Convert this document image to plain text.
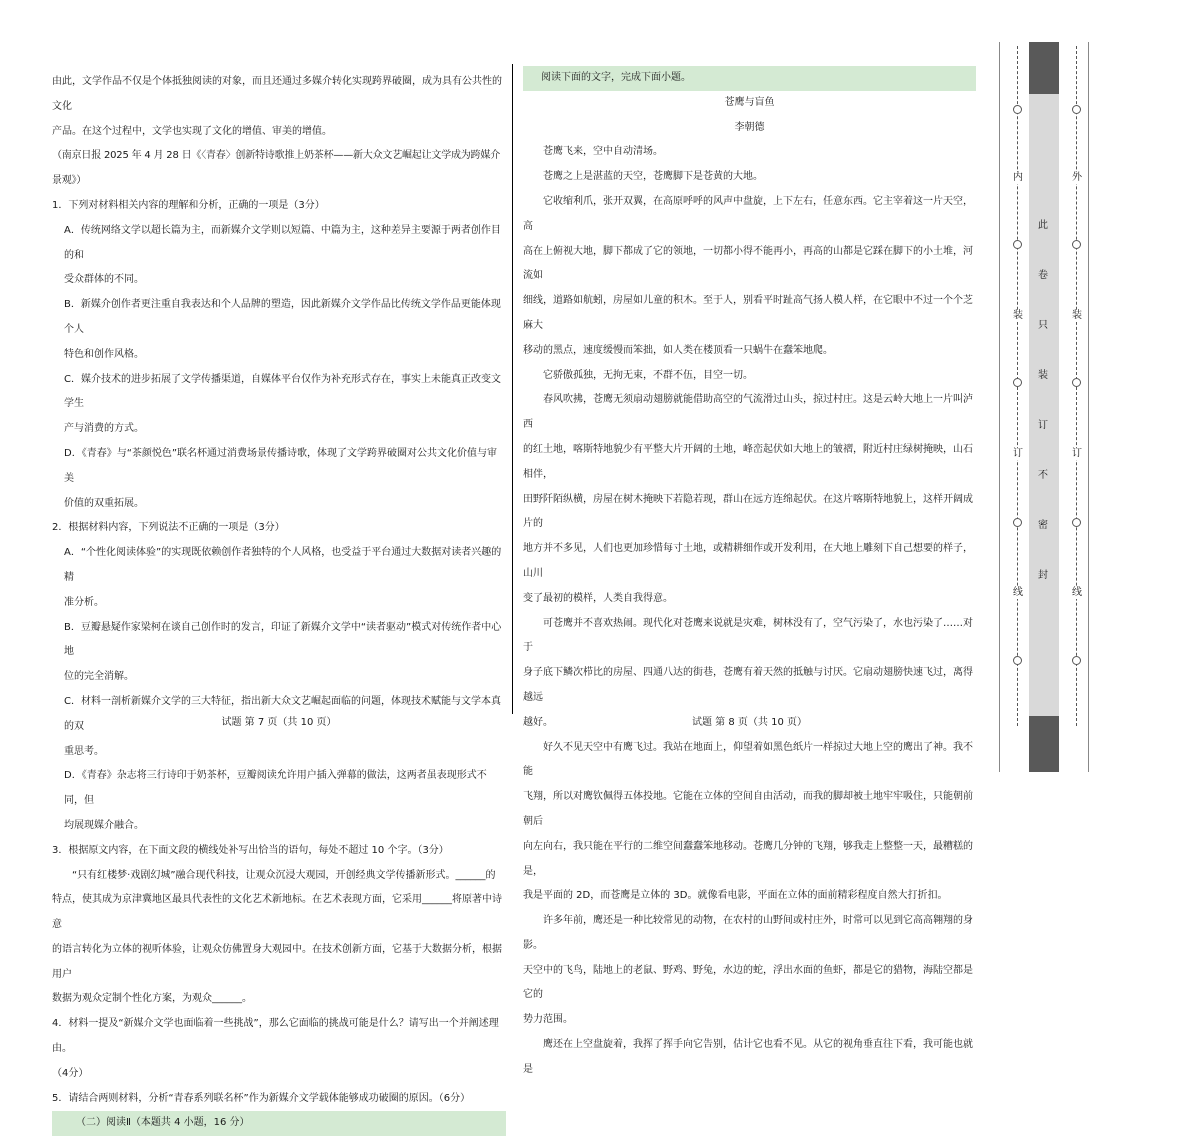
由此，文学作品不仅是个体抵独阅读的对象，而且还通过多媒介转化实现跨界破圈，成为具有公共性的文化
产品。在这个过程中，文学也实现了文化的增值、审美的增值。
（南京日报 2025 年 4 月 28 日《〈青春〉创新特诗歌推上奶茶杯——新大众文艺崛起让文学成为跨媒介景观》）
1．下列对材料相关内容的理解和分析，正确的一项是（3分）
A．传统网络文学以超长篇为主，而新媒介文学则以短篇、中篇为主，这种差异主要源于两者创作目的和
受众群体的不同。
B．新媒介创作者更注重自我表达和个人品牌的塑造，因此新媒介文学作品比传统文学作品更能体现个人
特色和创作风格。
C．媒介技术的进步拓展了文学传播渠道，自媒体平台仅作为补充形式存在，事实上未能真正改变文学生
产与消费的方式。
D．《青春》与“茶颜悦色”联名杯通过消费场景传播诗歌，体现了文学跨界破圈对公共文化价值与审美
价值的双重拓展。
2．根据材料内容，下列说法不正确的一项是（3分）
A．“个性化阅读体验”的实现既依赖创作者独特的个人风格，也受益于平台通过大数据对读者兴趣的精
准分析。
B．豆瓣悬疑作家梁柯在谈自己创作时的发言，印证了新媒介文学中“读者驱动”模式对传统作者中心地
位的完全消解。
C．材料一剖析新媒介文学的三大特征，指出新大众文艺崛起面临的问题，体现技术赋能与文学本真的双
重思考。
D．《青春》杂志将三行诗印于奶茶杯，豆瓣阅读允许用户插入弹幕的做法，这两者虽表现形式不同，但
均展现媒介融合。
3．根据原文内容，在下面文段的横线处补写出恰当的语句，每处不超过 10 个字。（3分）
“只有红楼梦·戏剧幻城”融合现代科技，让观众沉浸大观园，开创经典文学传播新形式。______的
特点，使其成为京津冀地区最具代表性的文化艺术新地标。在艺术表现方面，它采用______将原著中诗意
的语言转化为立体的视听体验，让观众仿佛置身大观园中。在技术创新方面，它基于大数据分析，根据用户
数据为观众定制个性化方案，为观众______。
4．材料一提及“新媒介文学也面临着一些挑战”，那么它面临的挑战可能是什么？请写出一个并阐述理由。
（4分）
5．请结合两则材料，分析“青春系列联名杯”作为新媒介文学载体能够成功破圈的原因。（6分）
（二）阅读Ⅱ（本题共 4 小题，16 分）
阅读下面的文字，完成下面小题。
苍鹰与盲鱼
李朝德
苍鹰飞来，空中自动清场。
苍鹰之上是湛蓝的天空，苍鹰脚下是苍黄的大地。
它收缩利爪，张开双翼，在高原呼呼的风声中盘旋，上下左右，任意东西。它主宰着这一片天空，高
高在上俯视大地，脚下都成了它的领地，一切都小得不能再小，再高的山都是它踩在脚下的小土堆，河流如
细线，道路如航蚓，房屋如儿童的积木。至于人，别看平时趾高气扬人模人样，在它眼中不过一个个芝麻大
移动的黑点，速度缓慢而笨拙，如人类在楼顶看一只蜗牛在蠢笨地爬。
它骄傲孤独，无拘无束，不群不伍，目空一切。
春风吹拂，苍鹰无须扇动翅膀就能借助高空的气流滑过山头，掠过村庄。这是云岭大地上一片叫泸西
的红土地，喀斯特地貌少有平整大片开阔的土地，峰峦起伏如大地上的皱褶，附近村庄绿树掩映，山石相伴，
田野阡陌纵横，房屋在树木掩映下若隐若现，群山在远方连绵起伏。在这片喀斯特地貌上，这样开阔成片的
地方并不多见，人们也更加珍惜每寸土地，或精耕细作或开发利用，在大地上雕刻下自己想要的样子，山川
变了最初的模样，人类自我得意。
可苍鹰并不喜欢热闹。现代化对苍鹰来说就是灾难，树林没有了，空气污染了，水也污染了……对于
身子底下鳞次栉比的房屋、四通八达的街巷，苍鹰有着天然的抵触与讨厌。它扇动翅膀快速飞过，离得越远
越好。
好久不见天空中有鹰飞过。我站在地面上，仰望着如黑色纸片一样掠过大地上空的鹰出了神。我不能
飞翔，所以对鹰钦佩得五体投地。它能在立体的空间自由活动，而我的脚却被土地牢牢吸住，只能朝前朝后
向左向右，我只能在平行的二维空间蠢蠢笨地移动。苍鹰几分钟的飞翔，够我走上整整一天，最糟糕的是，
我是平面的 2D，而苍鹰是立体的 3D。就像看电影，平面在立体的面前精彩程度自然大打折扣。
许多年前，鹰还是一种比较常见的动物，在农村的山野间或村庄外，时常可以见到它高高翱翔的身影。
天空中的飞鸟，陆地上的老鼠、野鸡、野兔，水边的蛇，浮出水面的鱼虾，都是它的猎物，海陆空都是它的
势力范围。
鹰还在上空盘旋着，我挥了挥手向它告别，估计它也看不见。从它的视角垂直往下看，我可能也就是
试题 第 7 页（共 10 页）	试题 第 8 页（共 10 页）
内
装
订
线
外
装
订
线
此
卷
只
装
订
不
密
封
